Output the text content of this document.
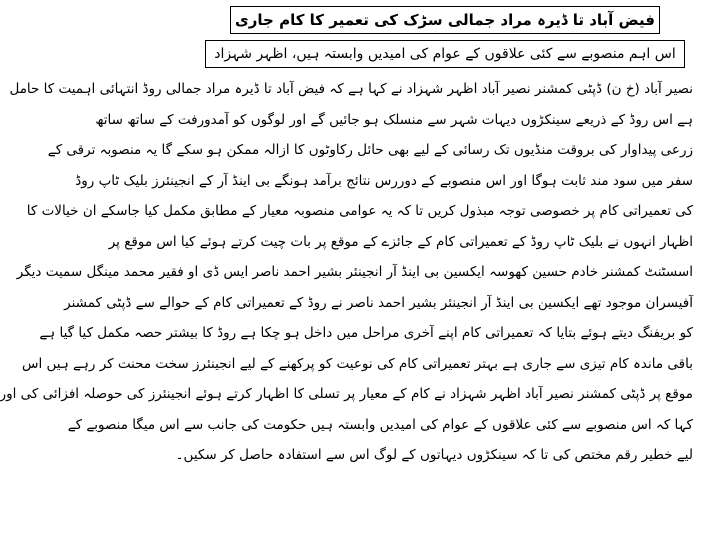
فیض آباد تا ڈیرہ مراد جمالی سڑک کی تعمیر کا کام جاری
اس اہم منصوبے سے کئی علاقوں کے عوام کی امیدیں وابستہ ہیں، اظہر شہزاد
نصیر آباد (خ ن) ڈپٹی کمشنر نصیر آباد اظہر شہزاد نے کہا ہے کہ فیض آباد تا ڈیرہ مراد جمالی روڈ انتہائی اہمیت کا حامل
ہے اس روڈ کے ذریعے سینکڑوں دیہات شہر سے منسلک ہو جائیں گے اور لوگوں کو آمدورفت کے ساتھ ساتھ
زرعی پیداوار کی بروقت منڈیوں تک رسائی کے لیے بھی حائل رکاوٹوں کا ازالہ ممکن ہو سکے گا یہ منصوبہ ترقی کے
سفر میں سود مند ثابت ہوگا اور اس منصوبے کے دوررس نتائج برآمد ہونگے بی اینڈ آر کے انجینئرز بلیک ٹاپ روڈ
کی تعمیراتی کام پر خصوصی توجہ مبذول کریں تا کہ یہ عوامی منصوبہ معیار کے مطابق مکمل کیا جاسکے ان خیالات کا
اظہار انہوں نے بلیک ٹاپ روڈ کے تعمیراتی کام کے جائزے کے موقع پر بات چیت کرتے ہوئے کیا اس موقع پر
اسسٹنٹ کمشنر خادم حسین کھوسہ ایکسین بی اینڈ آر انجینئر بشیر احمد ناصر ایس ڈی او فقیر محمد مینگل سمیت دیگر
آفیسران موجود تھے ایکسین بی اینڈ آر انجینئر بشیر احمد ناصر نے روڈ کے تعمیراتی کام کے حوالے سے ڈپٹی کمشنر
کو بریفنگ دیتے ہوئے بتایا کہ تعمیراتی کام اپنے آخری مراحل میں داخل ہو چکا ہے روڈ کا بیشتر حصہ مکمل کیا گیا ہے
باقی ماندہ کام تیزی سے جاری ہے بہتر تعمیراتی کام کی نوعیت کو پرکھنے کے لیے انجینئرز سخت محنت کر رہے ہیں اس
موقع پر ڈپٹی کمشنر نصیر آباد اظہر شہزاد نے کام کے معیار پر تسلی کا اظہار کرتے ہوئے انجینئرز کی حوصلہ افزائی کی اور
کہا کہ اس منصوبے سے کئی علاقوں کے عوام کی امیدیں وابستہ ہیں حکومت کی جانب سے اس میگا منصوبے کے
لیے خطیر رقم مختص کی تا کہ سینکڑوں دیہاتوں کے لوگ اس سے استفادہ حاصل کر سکیں۔
